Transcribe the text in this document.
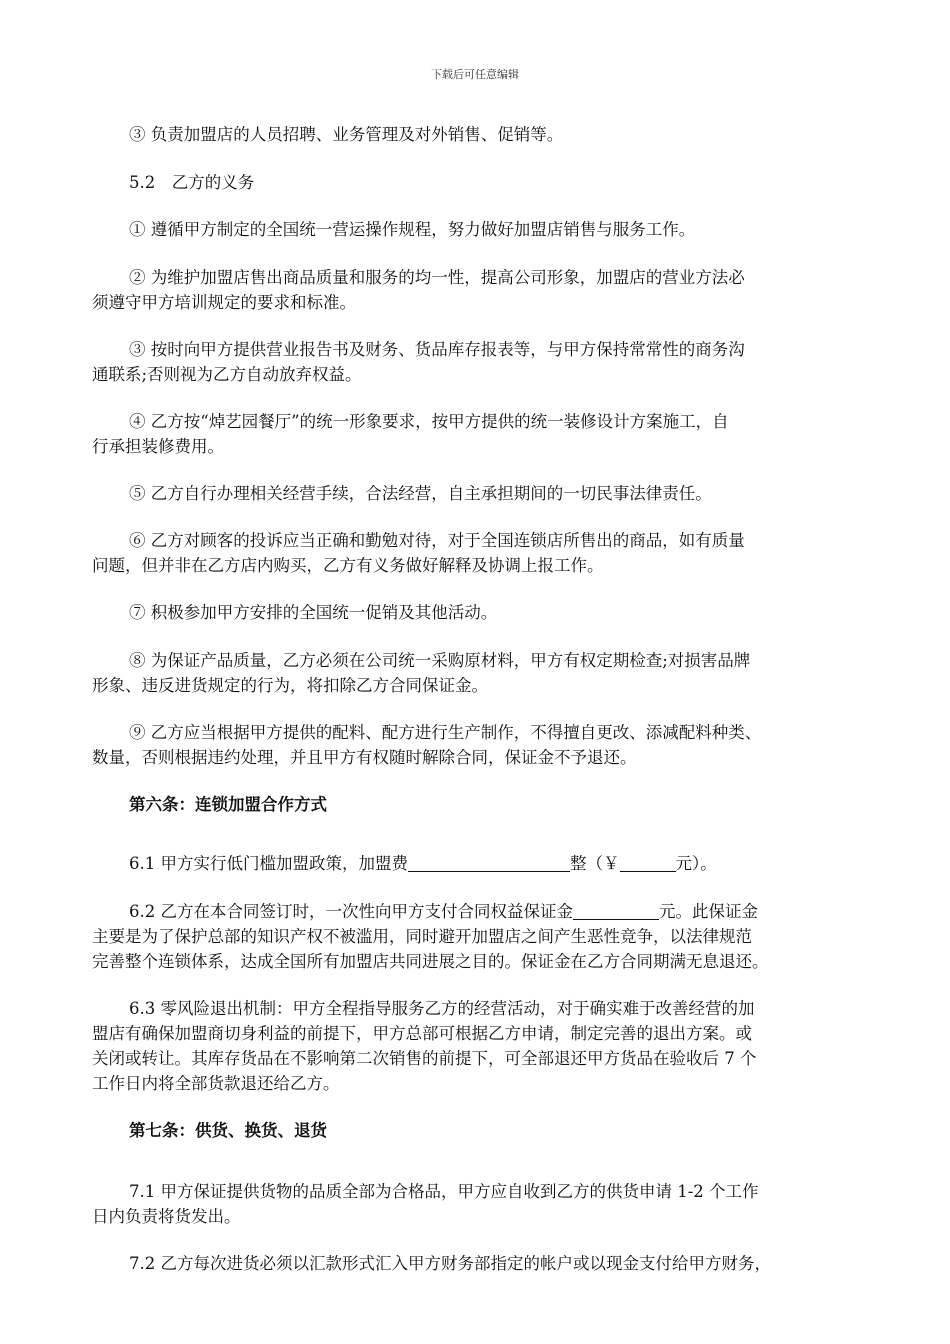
下载后可任意编辑
③ 负责加盟店的人员招聘、业务管理及对外销售、促销等。
5.2　乙方的义务
① 遵循甲方制定的全国统一营运操作规程，努力做好加盟店销售与服务工作。
② 为维护加盟店售出商品质量和服务的均一性，提高公司形象，加盟店的营业方法必
须遵守甲方培训规定的要求和标准。
③ 按时向甲方提供营业报告书及财务、货品库存报表等，与甲方保持常常性的商务沟
通联系;否则视为乙方自动放弃权益。
④ 乙方按“焯艺园餐厅”的统一形象要求，按甲方提供的统一装修设计方案施工，自
行承担装修费用。
⑤ 乙方自行办理相关经营手续，合法经营，自主承担期间的一切民事法律责任。
⑥ 乙方对顾客的投诉应当正确和勤勉对待，对于全国连锁店所售出的商品，如有质量
问题，但并非在乙方店内购买，乙方有义务做好解释及协调上报工作。
⑦ 积极参加甲方安排的全国统一促销及其他活动。
⑧ 为保证产品质量，乙方必须在公司统一采购原材料，甲方有权定期检查;对损害品牌
形象、违反进货规定的行为，将扣除乙方合同保证金。
⑨ 乙方应当根据甲方提供的配料、配方进行生产制作，不得擅自更改、添减配料种类、
数量，否则根据违约处理，并且甲方有权随时解除合同，保证金不予退还。
第六条：连锁加盟合作方式
6.1 甲方实行低门槛加盟政策，加盟费	整（￥	元）。
6.2 乙方在本合同签订时，一次性向甲方支付合同权益保证金	元。此保证金
主要是为了保护总部的知识产权不被滥用，同时避开加盟店之间产生恶性竞争，以法律规范
完善整个连锁体系，达成全国所有加盟店共同进展之目的。保证金在乙方合同期满无息退还。
6.3 零风险退出机制：甲方全程指导服务乙方的经营活动，对于确实难于改善经营的加
盟店有确保加盟商切身利益的前提下，甲方总部可根据乙方申请，制定完善的退出方案。或
关闭或转让。其库存货品在不影响第二次销售的前提下，可全部退还甲方货品在验收后 7 个
工作日内将全部货款退还给乙方。
第七条：供货、换货、退货
7.1 甲方保证提供货物的品质全部为合格品，甲方应自收到乙方的供货申请 1-2 个工作
日内负责将货发出。
7.2 乙方每次进货必须以汇款形式汇入甲方财务部指定的帐户或以现金支付给甲方财务，
